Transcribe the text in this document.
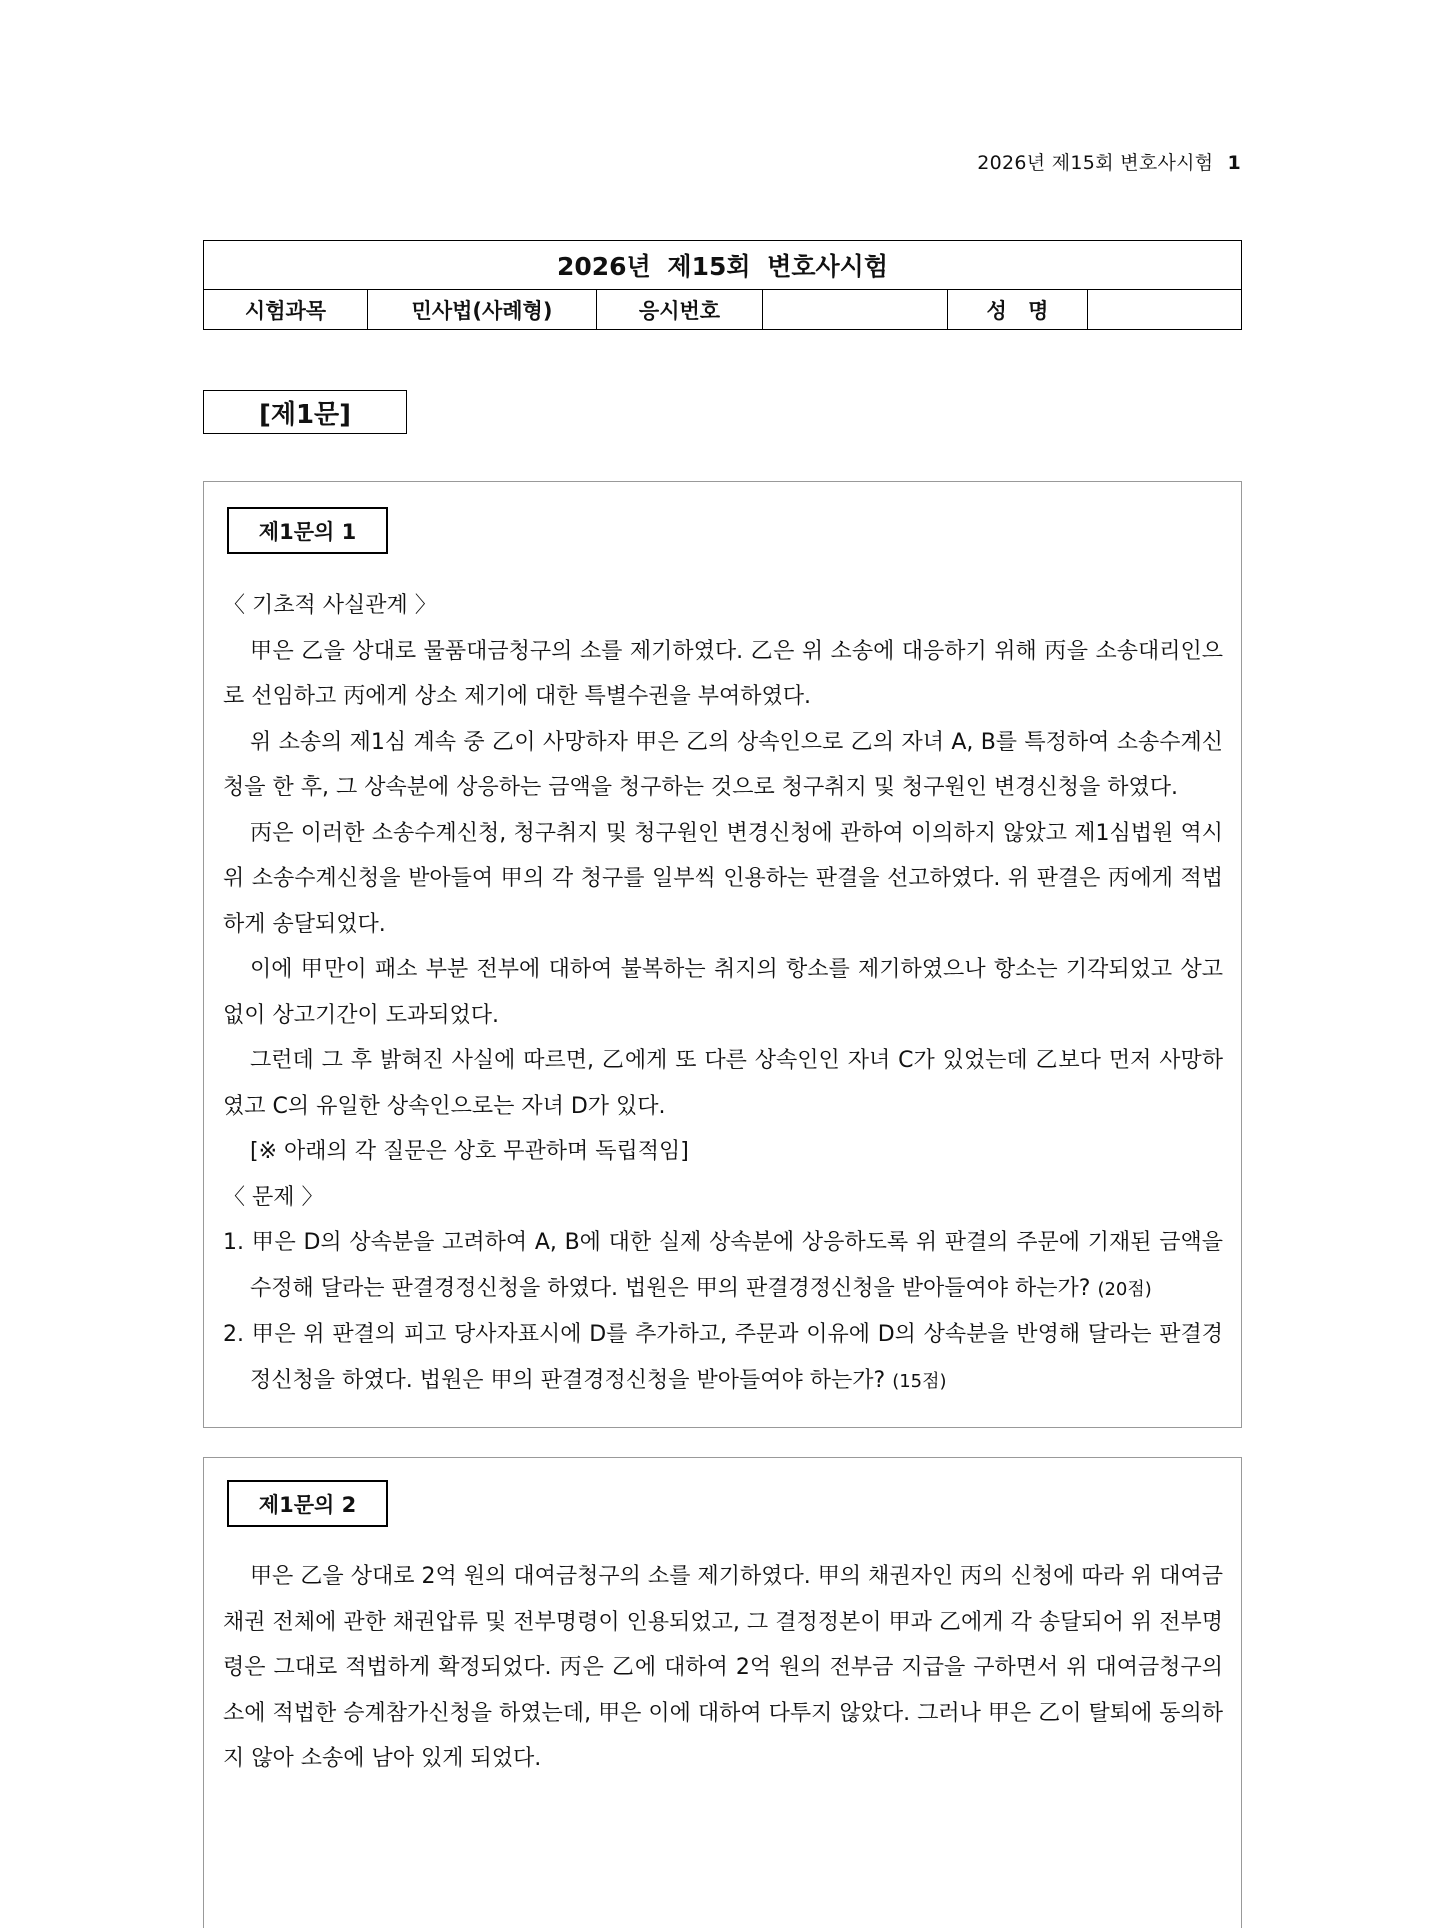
2026년 제15회 변호사시험 1
2026년 제15회 변호사시험
시험과목	민사법(사례형)	응시번호	성 명
[제1문]
제1문의 1

〈 기초적 사실관계 〉

甲은 乙을 상대로 물품대금청구의 소를 제기하였다. 乙은 위 소송에 대응하기 위해 丙을 소송대리인으로 선임하고 丙에게 상소 제기에 대한 특별수권을 부여하였다.

위 소송의 제1심 계속 중 乙이 사망하자 甲은 乙의 상속인으로 乙의 자녀 A, B를 특정하여 소송수계신청을 한 후, 그 상속분에 상응하는 금액을 청구하는 것으로 청구취지 및 청구원인 변경신청을 하였다.

丙은 이러한 소송수계신청, 청구취지 및 청구원인 변경신청에 관하여 이의하지 않았고 제1심법원 역시 위 소송수계신청을 받아들여 甲의 각 청구를 일부씩 인용하는 판결을 선고하였다. 위 판결은 丙에게 적법하게 송달되었다.

이에 甲만이 패소 부분 전부에 대하여 불복하는 취지의 항소를 제기하였으나 항소는 기각되었고 상고 없이 상고기간이 도과되었다.

그런데 그 후 밝혀진 사실에 따르면, 乙에게 또 다른 상속인인 자녀 C가 있었는데 乙보다 먼저 사망하였고 C의 유일한 상속인으로는 자녀 D가 있다.

[※ 아래의 각 질문은 상호 무관하며 독립적임]

〈 문제 〉

1. 甲은 D의 상속분을 고려하여 A, B에 대한 실제 상속분에 상응하도록 위 판결의 주문에 기재된 금액을 수정해 달라는 판결경정신청을 하였다. 법원은 甲의 판결경정신청을 받아들여야 하는가? (20점)

2. 甲은 위 판결의 피고 당사자표시에 D를 추가하고, 주문과 이유에 D의 상속분을 반영해 달라는 판결경정신청을 하였다. 법원은 甲의 판결경정신청을 받아들여야 하는가? (15점)

제1문의 2

甲은 乙을 상대로 2억 원의 대여금청구의 소를 제기하였다. 甲의 채권자인 丙의 신청에 따라 위 대여금채권 전체에 관한 채권압류 및 전부명령이 인용되었고, 그 결정정본이 甲과 乙에게 각 송달되어 위 전부명령은 그대로 적법하게 확정되었다. 丙은 乙에 대하여 2억 원의 전부금 지급을 구하면서 위 대여금청구의 소에 적법한 승계참가신청을 하였는데, 甲은 이에 대하여 다투지 않았다. 그러나 甲은 乙이 탈퇴에 동의하지 않아 소송에 남아 있게 되었다.
